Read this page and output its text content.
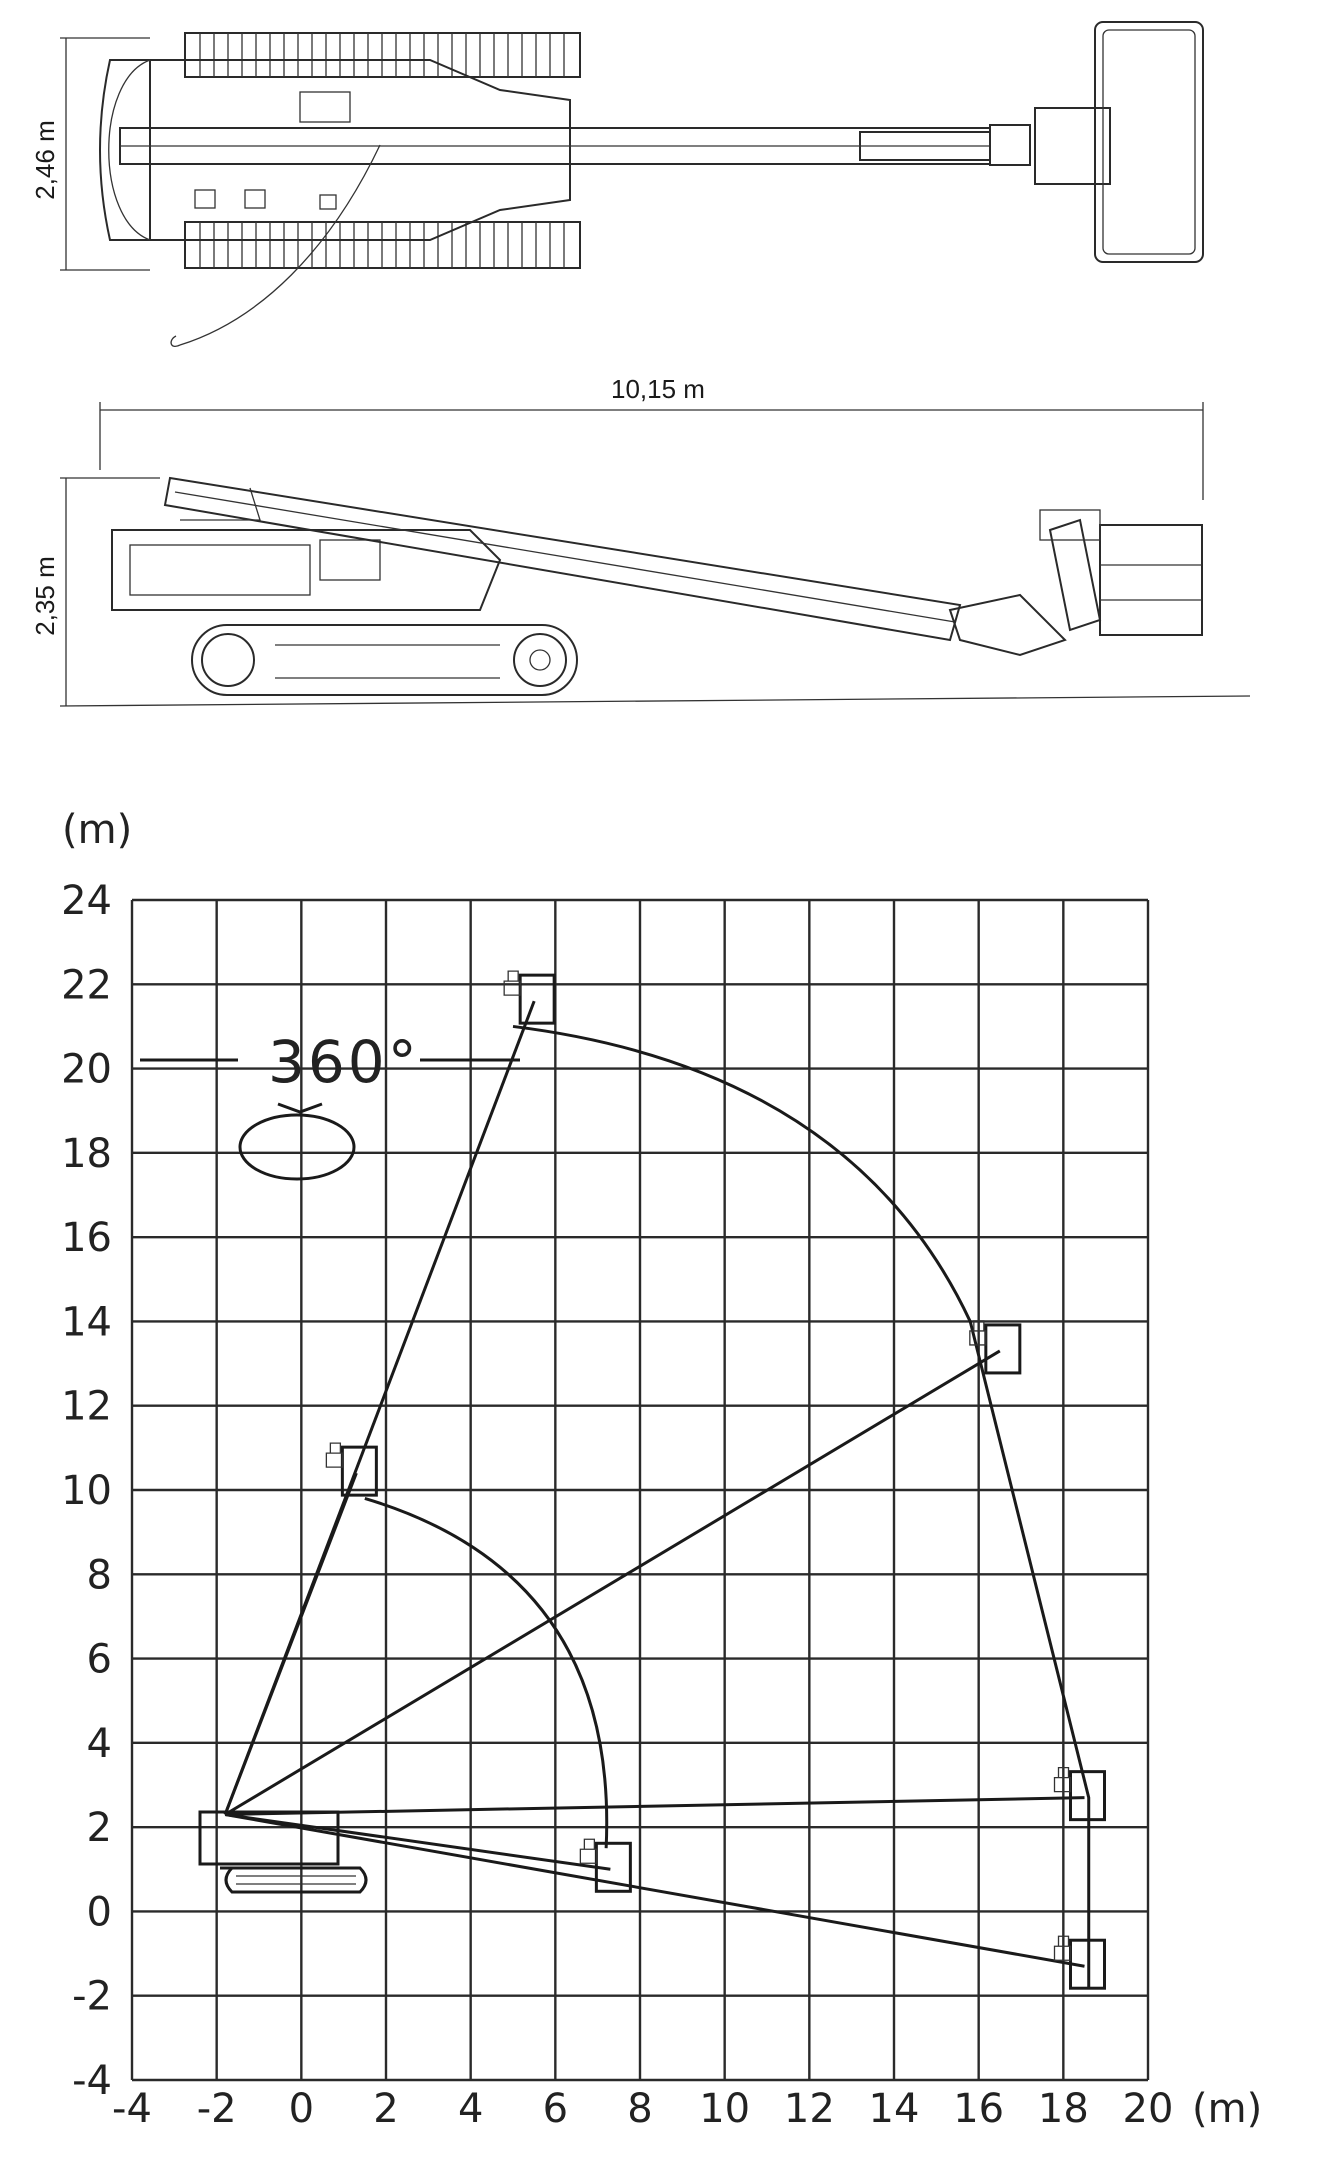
2,46 m
10,15 m
2,35 m
-4 -2 0 2 4 6 8 10 12 14 16 18 20
24
22
20
18
16
14
12
10
8
6
4
2
0
-2
-4
(m)
(m)
360°
